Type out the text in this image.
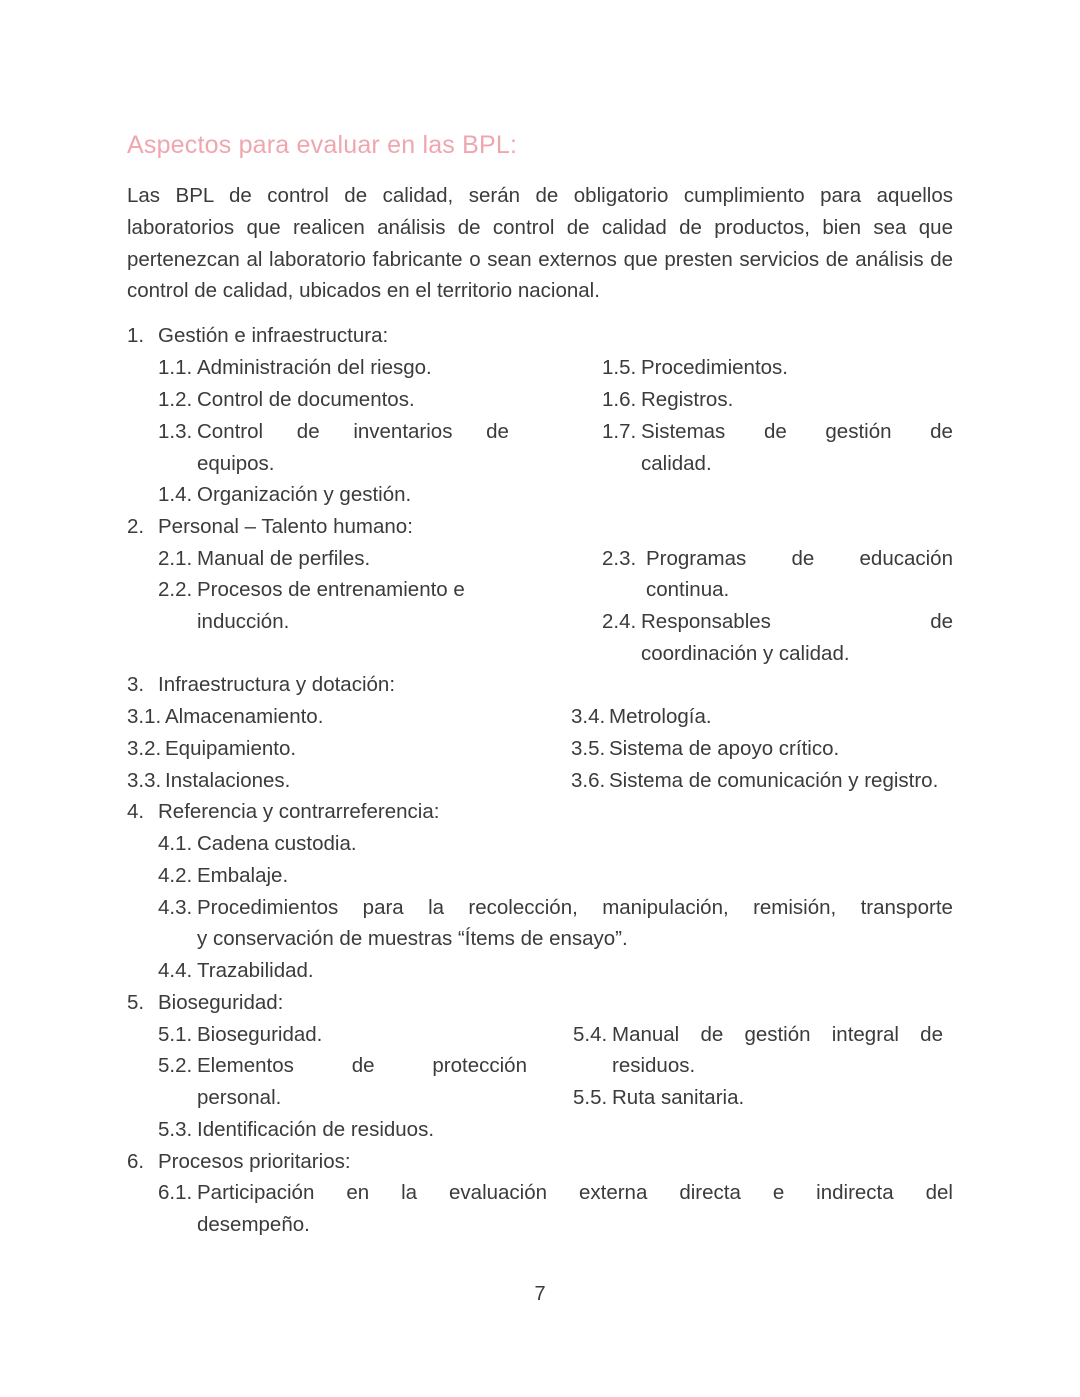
Aspectos para evaluar en las BPL:
Las BPL de control de calidad, serán de obligatorio cumplimiento para aquellos laboratorios que realicen análisis de control de calidad de productos, bien sea que pertenezcan al laboratorio fabricante o sean externos que presten servicios de análisis de control de calidad, ubicados en el territorio nacional.
1. Gestión e infraestructura:
1.1. Administración del riesgo.
1.2. Control de documentos.
1.3. Control de inventarios de
equipos.
1.4. Organización y gestión.
1.5. Procedimientos.
1.6. Registros.
1.7. Sistemas de gestión de
calidad.
2. Personal – Talento humano:
2.1. Manual de perfiles.
2.2. Procesos de entrenamiento e
inducción.
2.3. Programas de educación
continua.
2.4. Responsables	de
coordinación y calidad.
3. Infraestructura y dotación:
3.1. Almacenamiento.
3.2. Equipamiento.
3.3. Instalaciones.
3.4. Metrología.
3.5. Sistema de apoyo crítico.
3.6. Sistema de comunicación y registro.
4. Referencia y contrarreferencia:
4.1. Cadena custodia.
4.2. Embalaje.
4.3. Procedimientos para la recolección, manipulación, remisión, transporte
y conservación de muestras “Ítems de ensayo”.
4.4. Trazabilidad.
5. Bioseguridad:
5.1. Bioseguridad.
5.2. Elementos	de	protección
personal.
5.3. Identificación de residuos.
5.4. Manual de gestión integral de
residuos.
5.5. Ruta sanitaria.
6. Procesos prioritarios:
6.1. Participación en la evaluación externa directa e indirecta del
desempeño.
7
